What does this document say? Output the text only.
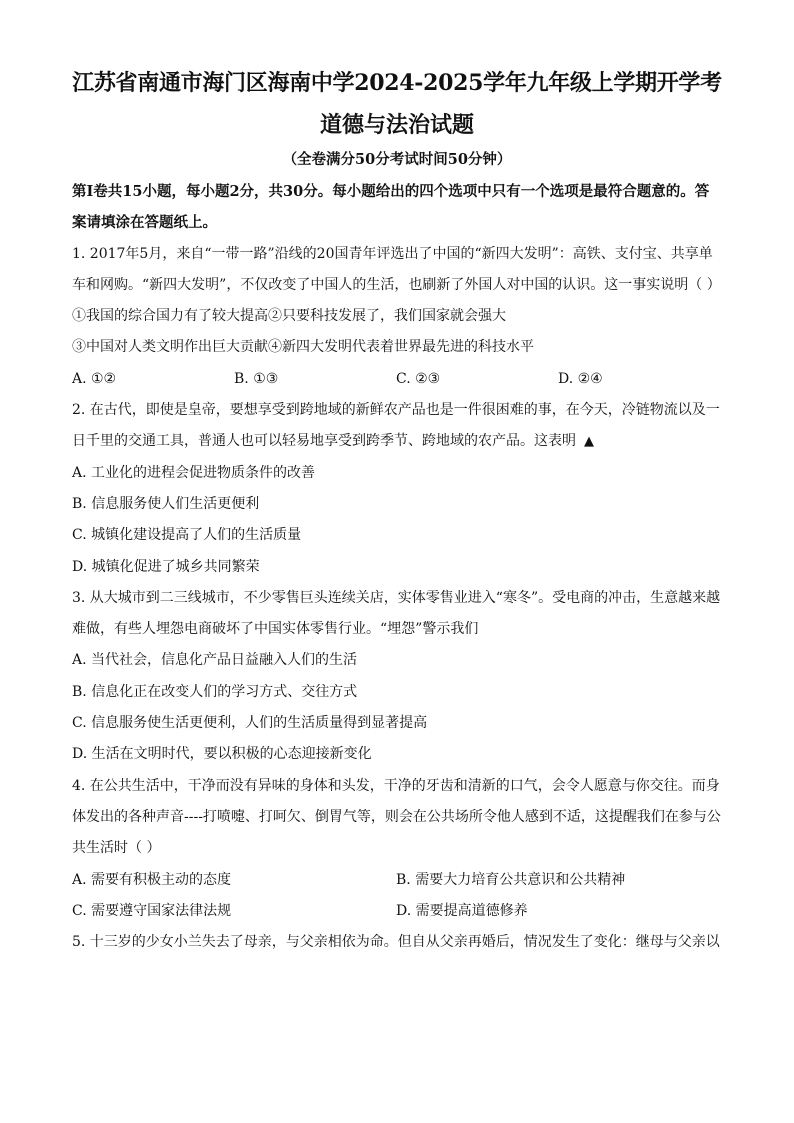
江苏省南通市海门区海南中学2024-2025学年九年级上学期开学考
道德与法治试题
（全卷满分50分考试时间50分钟）

第Ⅰ卷共15小题，每小题2分，共30分。每小题给出的四个选项中只有一个选项是最符合题意的。答案请填涂在答题纸上。

1. 2017年5月，来自“一带一路”沿线的20国青年评选出了中国的“新四大发明”：高铁、支付宝、共享单车和网购。“新四大发明”，不仅改变了中国人的生活，也刷新了外国人对中国的认识。这一事实说明（ ）

①我国的综合国力有了较大提高②只要科技发展了，我们国家就会强大

③中国对人类文明作出巨大贡献④新四大发明代表着世界最先进的科技水平

A. ①②	B. ①③	C. ②③	D. ②④

2. 在古代，即使是皇帝，要想享受到跨地域的新鲜农产品也是一件很困难的事，在今天，冷链物流以及一日千里的交通工具，普通人也可以轻易地享受到跨季节、跨地域的农产品。这表明 ▲

A. 工业化的进程会促进物质条件的改善

B. 信息服务使人们生活更便利

C. 城镇化建设提高了人们的生活质量

D. 城镇化促进了城乡共同繁荣

3. 从大城市到二三线城市，不少零售巨头连续关店，实体零售业进入“寒冬”。受电商的冲击，生意越来越难做，有些人埋怨电商破坏了中国实体零售行业。“埋怨”警示我们

A. 当代社会，信息化产品日益融入人们的生活

B. 信息化正在改变人们的学习方式、交往方式

C. 信息服务使生活更便利，人们的生活质量得到显著提高

D. 生活在文明时代，要以积极的心态迎接新变化

4. 在公共生活中，干净而没有异味的身体和头发，干净的牙齿和清新的口气，会令人愿意与你交往。而身体发出的各种声音----打喷嚏、打呵欠、倒胃气等，则会在公共场所令他人感到不适，这提醒我们在参与公共生活时（ ）

A. 需要有积极主动的态度	B. 需要大力培育公共意识和公共精神
C. 需要遵守国家法律法规	D. 需要提高道德修养

5. 十三岁的少女小兰失去了母亲，与父亲相依为命。但自从父亲再婚后，情况发生了变化：继母与父亲以
